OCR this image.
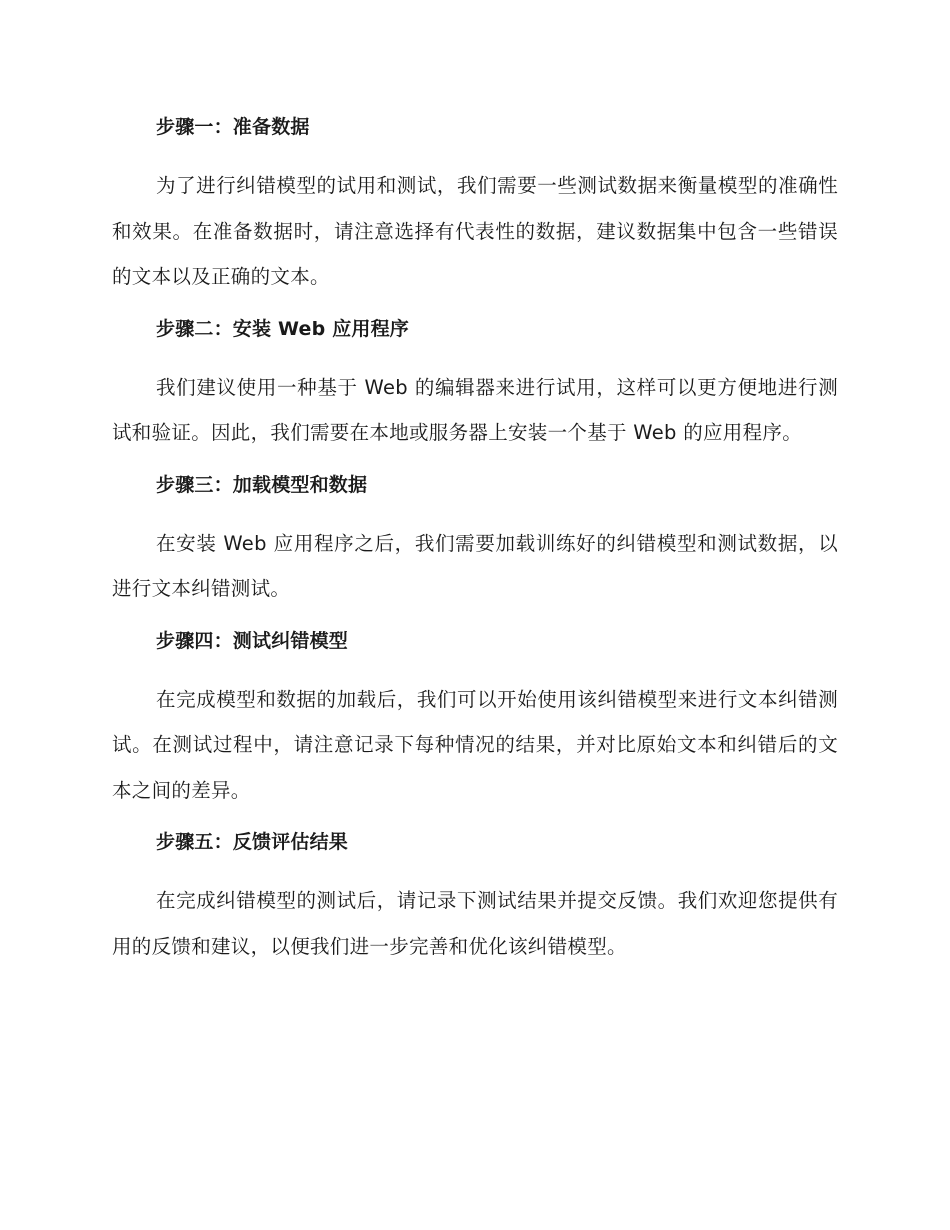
步骤一：准备数据

为了进行纠错模型的试用和测试，我们需要一些测试数据来衡量模型的准确性和效果。在准备数据时，请注意选择有代表性的数据，建议数据集中包含一些错误的文本以及正确的文本。

步骤二：安装 Web 应用程序

我们建议使用一种基于 Web 的编辑器来进行试用，这样可以更方便地进行测试和验证。因此，我们需要在本地或服务器上安装一个基于 Web 的应用程序。

步骤三：加载模型和数据

在安装 Web 应用程序之后，我们需要加载训练好的纠错模型和测试数据，以进行文本纠错测试。

步骤四：测试纠错模型

在完成模型和数据的加载后，我们可以开始使用该纠错模型来进行文本纠错测试。在测试过程中，请注意记录下每种情况的结果，并对比原始文本和纠错后的文本之间的差异。

步骤五：反馈评估结果

在完成纠错模型的测试后，请记录下测试结果并提交反馈。我们欢迎您提供有用的反馈和建议，以便我们进一步完善和优化该纠错模型。
